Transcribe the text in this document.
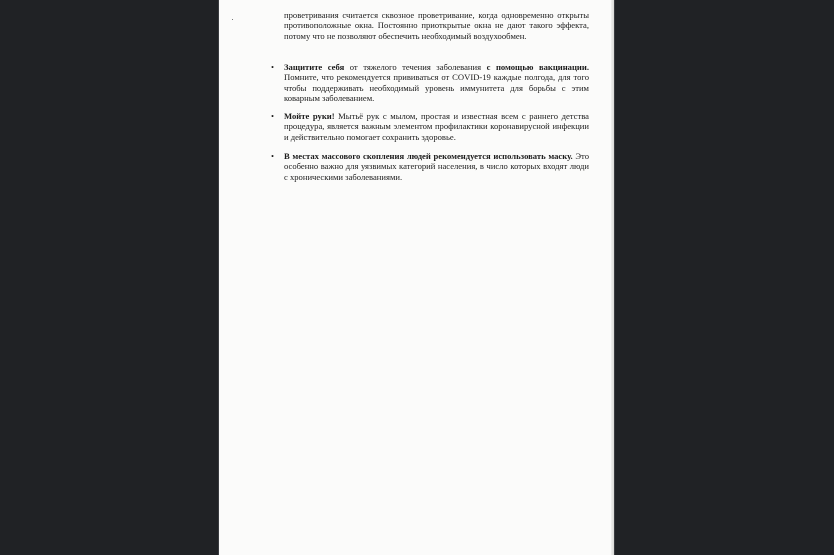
проветривания считается сквозное проветривание, когда одновременно открыты противоположные окна. Постоянно приоткрытые окна не дают такого эффекта, потому что не позволяют обеспечить необходимый воздухообмен.
•	Защитите себя от тяжелого течения заболевания с помощью вакцинации. Помните, что рекомендуется прививаться от COVID-19 каждые полгода, для того чтобы поддерживать необходимый уровень иммунитета для борьбы с этим коварным заболеванием.
•	Мойте руки! Мытьё рук с мылом, простая и известная всем с раннего детства процедура, является важным элементом профилактики коронавирусной инфекции и действительно помогает сохранить здоровье.
•	В местах массового скопления людей рекомендуется использовать маску. Это особенно важно для уязвимых категорий населения, в число которых входят люди с хроническими заболеваниями.
